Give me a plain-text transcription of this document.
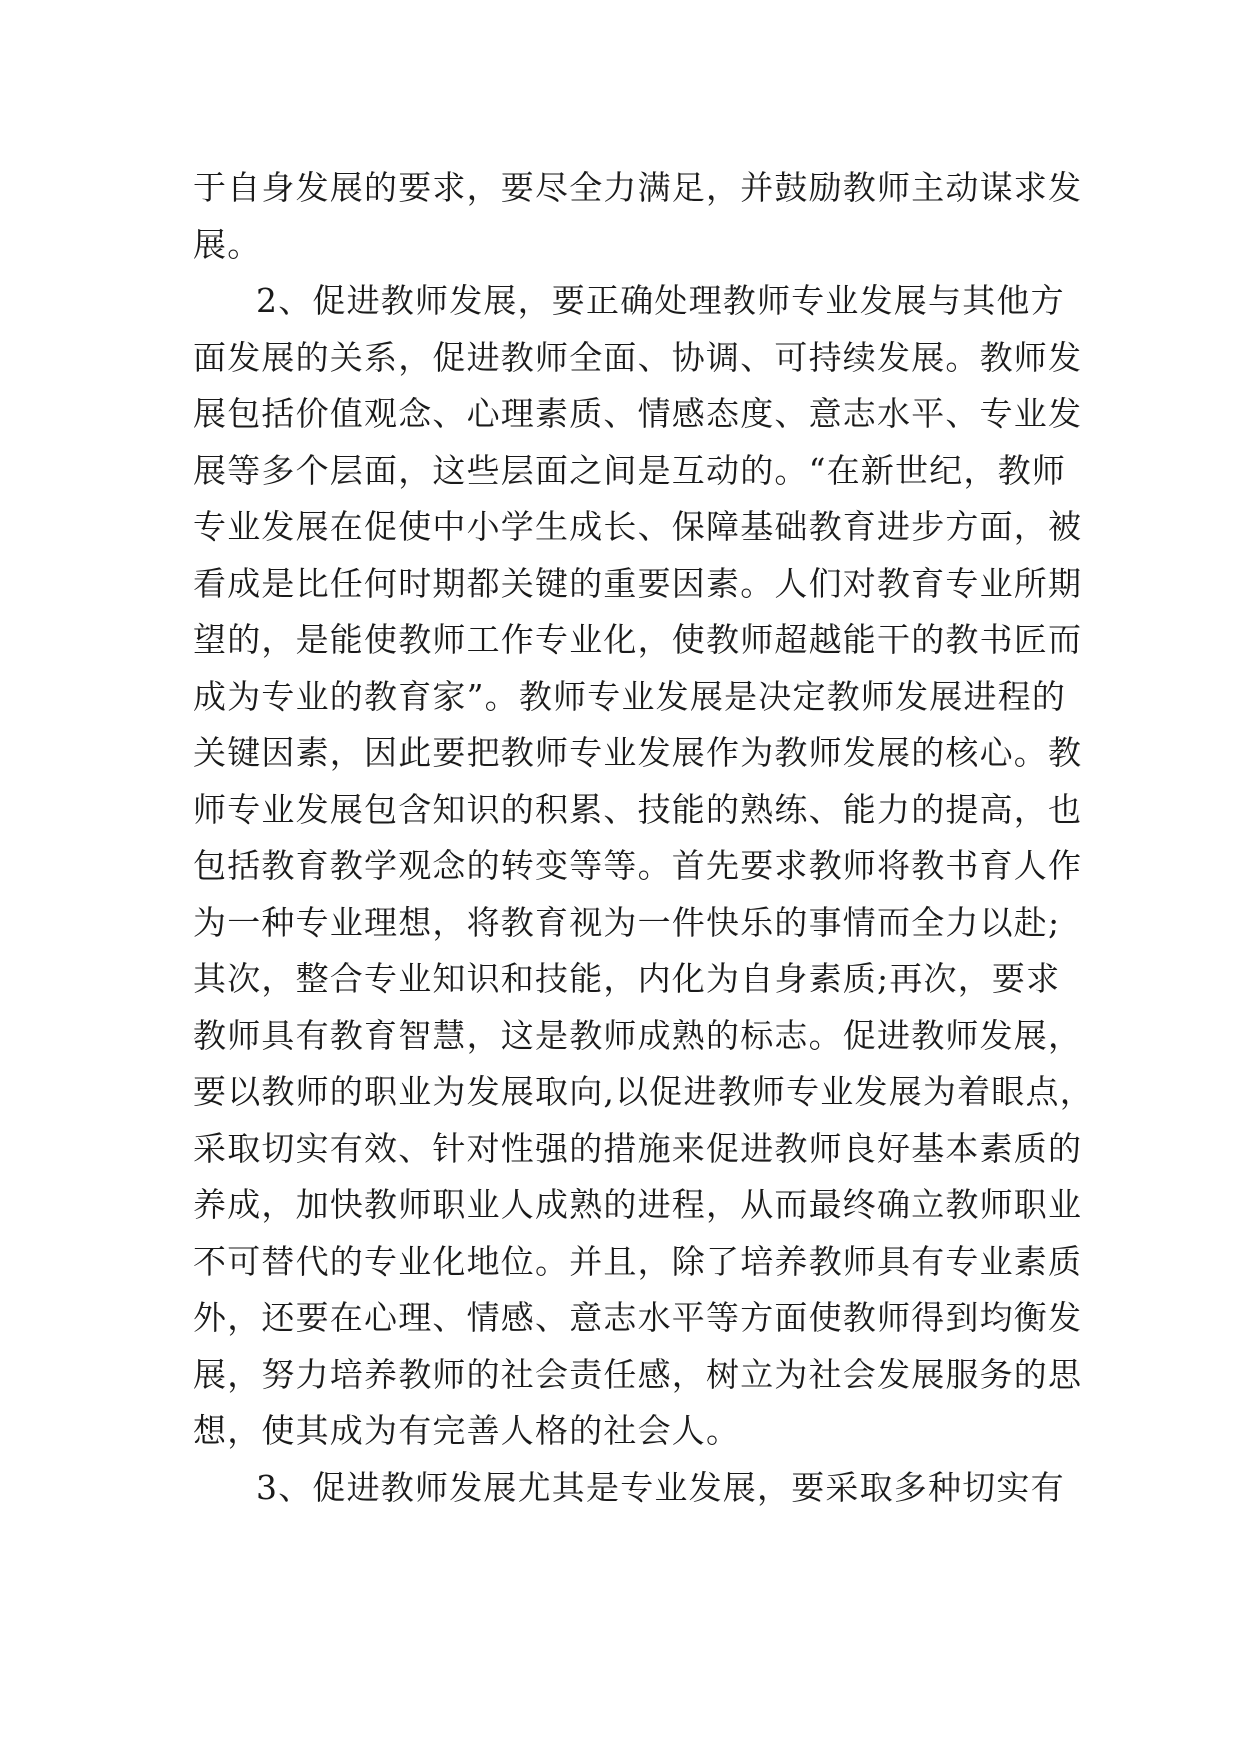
于自身发展的要求，要尽全力满足，并鼓励教师主动谋求发
展。
2、促进教师发展，要正确处理教师专业发展与其他方
面发展的关系，促进教师全面、协调、可持续发展。教师发
展包括价值观念、心理素质、情感态度、意志水平、专业发
展等多个层面，这些层面之间是互动的。“在新世纪，教师
专业发展在促使中小学生成长、保障基础教育进步方面，被
看成是比任何时期都关键的重要因素。人们对教育专业所期
望的，是能使教师工作专业化，使教师超越能干的教书匠而
成为专业的教育家”。教师专业发展是决定教师发展进程的
关键因素，因此要把教师专业发展作为教师发展的核心。教
师专业发展包含知识的积累、技能的熟练、能力的提高，也
包括教育教学观念的转变等等。首先要求教师将教书育人作
为一种专业理想，将教育视为一件快乐的事情而全力以赴;
其次，整合专业知识和技能，内化为自身素质;再次，要求
教师具有教育智慧，这是教师成熟的标志。促进教师发展，
要以教师的职业为发展取向,以促进教师专业发展为着眼点，
采取切实有效、针对性强的措施来促进教师良好基本素质的
养成，加快教师职业人成熟的进程，从而最终确立教师职业
不可替代的专业化地位。并且，除了培养教师具有专业素质
外，还要在心理、情感、意志水平等方面使教师得到均衡发
展，努力培养教师的社会责任感，树立为社会发展服务的思
想，使其成为有完善人格的社会人。
3、促进教师发展尤其是专业发展，要采取多种切实有
